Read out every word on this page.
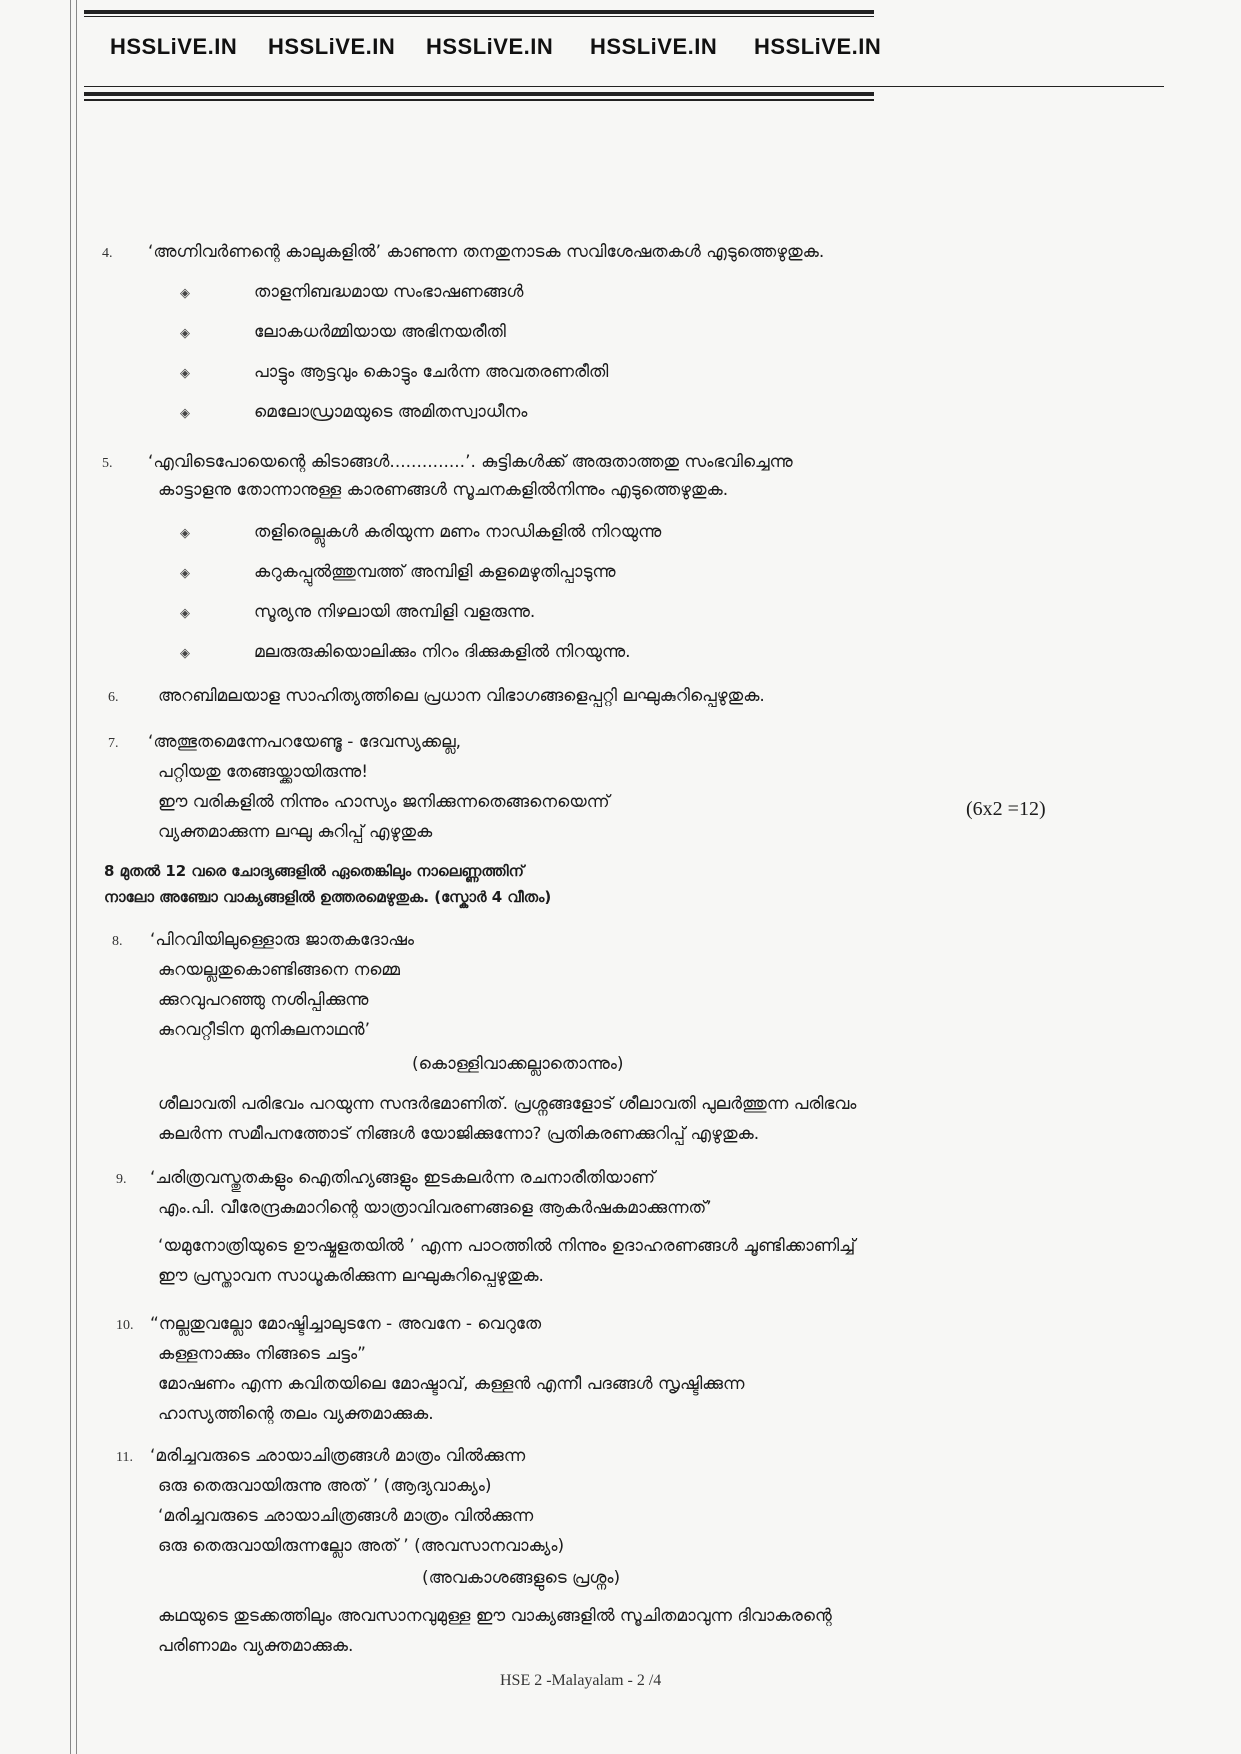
HSSLiVE.IN HSSLiVE.IN HSSLiVE.IN HSSLiVE.IN HSSLiVE.IN
4. ‘അഗ്നിവർണന്റെ കാലുകളിൽ’ കാണുന്ന തനതുനാടക സവിശേഷതകൾ എടുത്തെഴുതുക.
◈	താളനിബദ്ധമായ സംഭാഷണങ്ങൾ
◈	ലോകധർമ്മിയായ അഭിനയരീതി
◈	പാട്ടും ആട്ടവും കൊട്ടും ചേർന്ന അവതരണരീതി
◈	മെലോഡ്രാമയുടെ അമിതസ്വാധീനം
5. ‘എവിടെപോയെന്റെ കിടാങ്ങൾ..............’. കുട്ടികൾക്ക് അരുതാത്തതു സംഭവിച്ചെന്നു
കാട്ടാളനു തോന്നാനുള്ള കാരണങ്ങൾ സൂചനകളിൽനിന്നും എടുത്തെഴുതുക.
◈	തളിരെല്ലുകൾ കരിയുന്ന മണം നാഡികളിൽ നിറയുന്നു
◈	കറുകപ്പുൽത്തുമ്പത്ത് അമ്പിളി കളമെഴുതിപ്പാടുന്നു
◈	സൂര്യനു നിഴലായി അമ്പിളി വളരുന്നു.
◈	മലരുരുകിയൊലിക്കും നിറം ദിക്കുകളിൽ നിറയുന്നു.
6. അറബിമലയാള സാഹിത്യത്തിലെ പ്രധാന വിഭാഗങ്ങളെപ്പറ്റി ലഘുകുറിപ്പെഴുതുക.
7. ‘അത്ഭുതമെന്നേപറയേണ്ടൂ - ദേവസ്യക്കല്ല,
പറ്റിയതു തേങ്ങയ്ക്കായിരുന്നു!
ഈ വരികളിൽ നിന്നും ഹാസ്യം ജനിക്കുന്നതെങ്ങനെയെന്ന്
വ്യക്തമാക്കുന്ന ലഘു കുറിപ്പ് എഴുതുക
(6x2 =12)
8 മുതൽ 12 വരെ ചോദ്യങ്ങളിൽ ഏതെങ്കിലും നാലെണ്ണത്തിന്
നാലോ അഞ്ചോ വാക്യങ്ങളിൽ ഉത്തരമെഴുതുക. (സ്കോർ 4 വീതം)
8. ‘പിറവിയിലുള്ളൊരു ജാതകദോഷം
കുറയല്ലതുകൊണ്ടിങ്ങനെ നമ്മെ
ക്കുറവുപറഞ്ഞു നശിപ്പിക്കുന്നു
കുറവറ്റീടിന മുനികുലനാഥൻ’
(കൊള്ളിവാക്കല്ലാതൊന്നും)
ശീലാവതി പരിഭവം പറയുന്ന സന്ദർഭമാണിത്. പ്രശ്നങ്ങളോട് ശീലാവതി പുലർത്തുന്ന പരിഭവം
കലർന്ന സമീപനത്തോട് നിങ്ങൾ യോജിക്കുന്നോ? പ്രതികരണക്കുറിപ്പ് എഴുതുക.
9. ‘ചരിത്രവസ്തുതകളും ഐതിഹ്യങ്ങളും ഇടകലർന്ന രചനാരീതിയാണ്
എം.പി. വീരേന്ദ്രകുമാറിന്റെ യാത്രാവിവരണങ്ങളെ ആകർഷകമാക്കുന്നത്’
‘യമുനോത്രിയുടെ ഊഷ്മളതയിൽ ’ എന്ന പാഠത്തിൽ നിന്നും ഉദാഹരണങ്ങൾ ചൂണ്ടിക്കാണിച്ച്
ഈ പ്രസ്താവന സാധൂകരിക്കുന്ന ലഘുകുറിപ്പെഴുതുക.
10. “നല്ലതുവല്ലോ മോഷ്ടിച്ചാലുടനേ - അവനേ - വെറുതേ
കള്ളനാക്കും നിങ്ങടെ ചട്ടം”
മോഷണം എന്ന കവിതയിലെ മോഷ്ടാവ്, കള്ളൻ എന്നീ പദങ്ങൾ സൃഷ്ടിക്കുന്ന
ഹാസ്യത്തിന്റെ തലം വ്യക്തമാക്കുക.
11. ‘മരിച്ചവരുടെ ഛായാചിത്രങ്ങൾ മാത്രം വിൽക്കുന്ന
ഒരു തെരുവായിരുന്നു അത് ’ (ആദ്യവാക്യം)
‘മരിച്ചവരുടെ ഛായാചിത്രങ്ങൾ മാത്രം വിൽക്കുന്ന
ഒരു തെരുവായിരുന്നല്ലോ അത് ’ (അവസാനവാക്യം)
(അവകാശങ്ങളുടെ പ്രശ്നം)
കഥയുടെ തുടക്കത്തിലും അവസാനവുമുള്ള ഈ വാക്യങ്ങളിൽ സൂചിതമാവുന്ന ദിവാകരന്റെ
പരിണാമം വ്യക്തമാക്കുക.
HSE 2 -Malayalam - 2 /4
